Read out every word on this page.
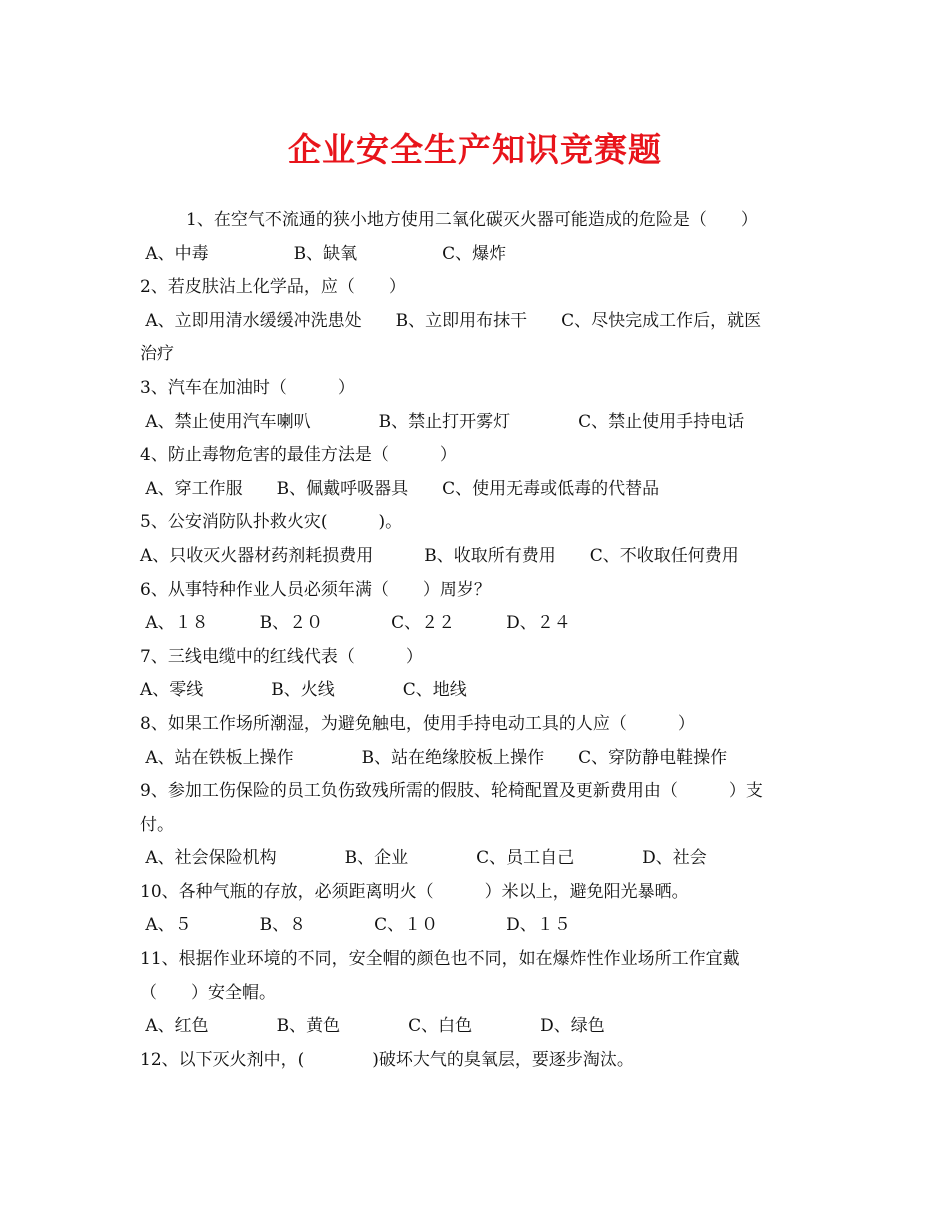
企业安全生产知识竞赛题
1、在空气不流通的狭小地方使用二氧化碳灭火器可能造成的危险是（　　）
A、中毒　　　　　B、缺氧　　　　　C、爆炸
2、若皮肤沾上化学品，应（　　）
A、立即用清水缓缓冲洗患处　　B、立即用布抹干　　C、尽快完成工作后，就医
治疗
3、汽车在加油时（　　　）
A、禁止使用汽车喇叭　　　　B、禁止打开雾灯　　　　C、禁止使用手持电话
4、防止毒物危害的最佳方法是（　　　）
A、穿工作服　　B、佩戴呼吸器具　　C、使用无毒或低毒的代替品
5、公安消防队扑救火灾(　　　)。
A、只收灭火器材药剂耗损费用　　　B、收取所有费用　　C、不收取任何费用
6、从事特种作业人员必须年满（　　）周岁？
A、１８　　　B、２０　　　　C、２２　　　D、２４
7、三线电缆中的红线代表（　　　）
A、零线　　　　B、火线　　　　C、地线
8、如果工作场所潮湿，为避免触电，使用手持电动工具的人应（　　　）
A、站在铁板上操作　　　　B、站在绝缘胶板上操作　　C、穿防静电鞋操作
9、参加工伤保险的员工负伤致残所需的假肢、轮椅配置及更新费用由（　　　）支
付。
A、社会保险机构　　　　B、企业　　　　C、员工自己　　　　D、社会
10、各种气瓶的存放，必须距离明火（　　　）米以上，避免阳光暴晒。
A、５　　　　B、８　　　　C、１０　　　　D、１５
11、根据作业环境的不同，安全帽的颜色也不同，如在爆炸性作业场所工作宜戴
（　　）安全帽。
A、红色　　　　B、黄色　　　　C、白色　　　　D、绿色
12、以下灭火剂中，(　　　　)破坏大气的臭氧层，要逐步淘汰。
